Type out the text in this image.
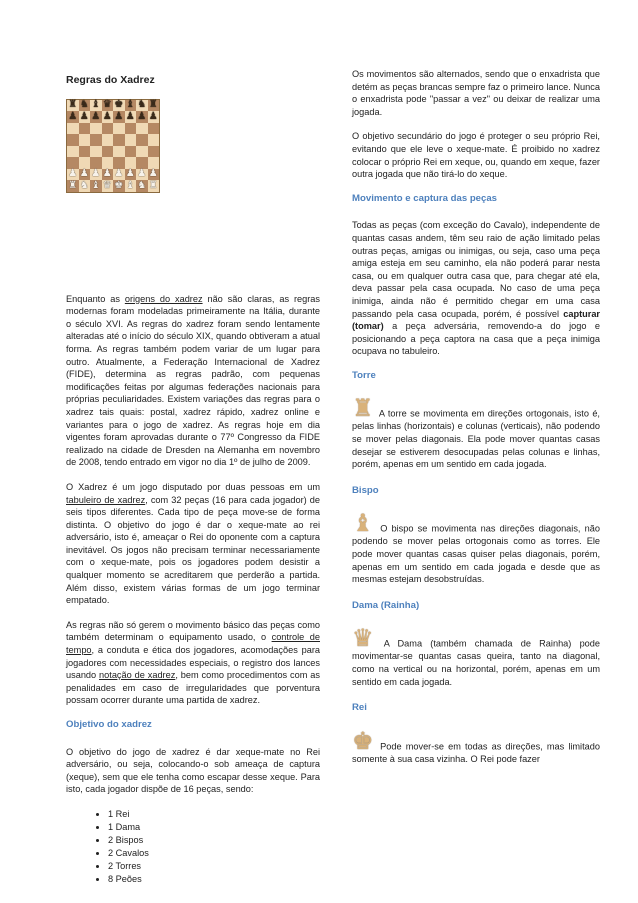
Regras do Xadrez
♜ ♞ ♝ ♛ ♚ ♝ ♞ ♜
♟ ♟ ♟ ♟ ♟ ♟ ♟ ♟
♟ ♟ ♟ ♟ ♟ ♟ ♟ ♟
♜ ♞ ♝ ♛ ♚ ♝ ♞ ♜

Enquanto as origens do xadrez não são claras, as regras modernas foram modeladas primeiramente na Itália, durante o século XVI. As regras do xadrez foram sendo lentamente alteradas até o início do século XIX, quando obtiveram a atual forma. As regras também podem variar de um lugar para outro. Atualmente, a Federação Internacional de Xadrez (FIDE), determina as regras padrão, com pequenas modificações feitas por algumas federações nacionais para próprias peculiaridades. Existem variações das regras para o xadrez tais quais: postal, xadrez rápido, xadrez online e variantes para o jogo de xadrez. As regras hoje em dia vigentes foram aprovadas durante o 77º Congresso da FIDE realizado na cidade de Dresden na Alemanha em novembro de 2008, tendo entrado em vigor no dia 1º de julho de 2009.

O Xadrez é um jogo disputado por duas pessoas em um tabuleiro de xadrez, com 32 peças (16 para cada jogador) de seis tipos diferentes. Cada tipo de peça move-se de forma distinta. O objetivo do jogo é dar o xeque-mate ao rei adversário, isto é, ameaçar o Rei do oponente com a captura inevitável. Os jogos não precisam terminar necessariamente com o xeque-mate, pois os jogadores podem desistir a qualquer momento se acreditarem que perderão a partida. Além disso, existem várias formas de um jogo terminar empatado.

As regras não só gerem o movimento básico das peças como também determinam o equipamento usado, o controle de tempo, a conduta e ética dos jogadores, acomodações para jogadores com necessidades especiais, o registro dos lances usando notação de xadrez, bem como procedimentos com as penalidades em caso de irregularidades que porventura possam ocorrer durante uma partida de xadrez.

Objetivo do xadrez

O objetivo do jogo de xadrez é dar xeque-mate no Rei adversário, ou seja, colocando-o sob ameaça de captura (xeque), sem que ele tenha como escapar desse xeque. Para isto, cada jogador dispõe de 16 peças, sendo:

• 1 Rei
• 1 Dama
• 2 Bispos
• 2 Cavalos
• 2 Torres
• 8 Peões

Os movimentos são alternados, sendo que o enxadrista que detém as peças brancas sempre faz o primeiro lance. Nunca o enxadrista pode "passar a vez" ou deixar de realizar uma jogada.

O objetivo secundário do jogo é proteger o seu próprio Rei, evitando que ele leve o xeque-mate. É proibido no xadrez colocar o próprio Rei em xeque, ou, quando em xeque, fazer outra jogada que não tirá-lo do xeque.

Movimento e captura das peças

Todas as peças (com exceção do Cavalo), independente de quantas casas andem, têm seu raio de ação limitado pelas outras peças, amigas ou inimigas, ou seja, caso uma peça amiga esteja em seu caminho, ela não poderá parar nesta casa, ou em qualquer outra casa que, para chegar até ela, deva passar pela casa ocupada. No caso de uma peça inimiga, ainda não é permitido chegar em uma casa passando pela casa ocupada, porém, é possível capturar (tomar) a peça adversária, removendo-a do jogo e posicionando a peça captora na casa que a peça inimiga ocupava no tabuleiro.

Torre

♜ A torre se movimenta em direções ortogonais, isto é, pelas linhas (horizontais) e colunas (verticais), não podendo se mover pelas diagonais. Ela pode mover quantas casas desejar se estiverem desocupadas pelas colunas e linhas, porém, apenas em um sentido em cada jogada.

Bispo

♝ O bispo se movimenta nas direções diagonais, não podendo se mover pelas ortogonais como as torres. Ele pode mover quantas casas quiser pelas diagonais, porém, apenas em um sentido em cada jogada e desde que as mesmas estejam desobstruídas.

Dama (Rainha)

♛ A Dama (também chamada de Rainha) pode movimentar-se quantas casas queira, tanto na diagonal, como na vertical ou na horizontal, porém, apenas em um sentido em cada jogada.

Rei

♚ Pode mover-se em todas as direções, mas limitado somente à sua casa vizinha. O Rei pode fazer
